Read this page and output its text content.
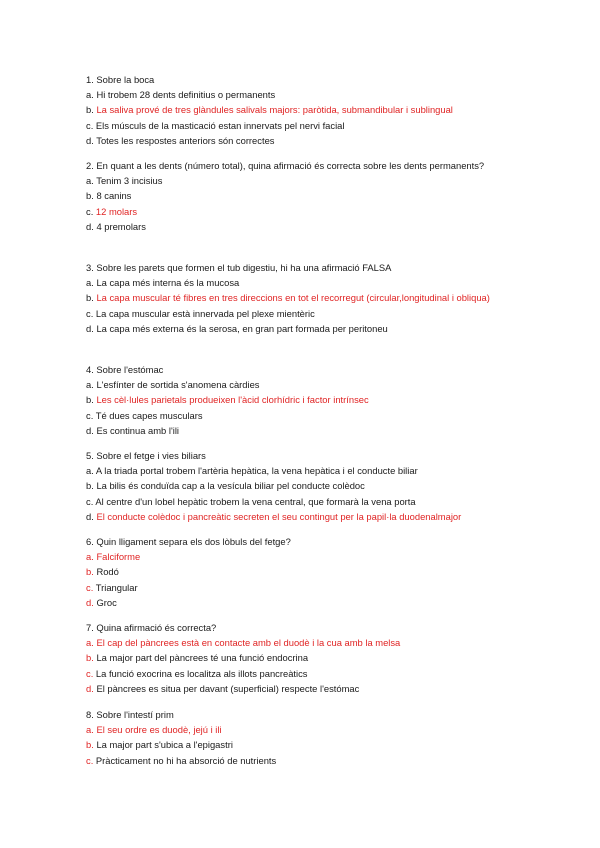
1. Sobre la boca

a. Hi trobem 28 dents definitius o permanents

b. La saliva prové de tres glàndules salivals majors: paròtida, submandibular i sublingual

c. Els músculs de la masticació estan innervats pel nervi facial

d. Totes les respostes anteriors són correctes

2. En quant a les dents (número total), quina afirmació és correcta sobre les dents permanents?

a. Tenim 3 incisius

b. 8 canins

c. 12 molars

d. 4 premolars

3. Sobre les parets que formen el tub digestiu, hi ha una afirmació FALSA

a. La capa més interna és la mucosa

b. La capa muscular té fibres en tres direccions en tot el recorregut (circular,longitudinal i obliqua)

c. La capa muscular està innervada pel plexe mientèric

d. La capa més externa és la serosa, en gran part formada per peritoneu

4. Sobre l'estómac

a. L'esfínter de sortida s'anomena càrdies

b. Les cèl·lules parietals produeixen l'àcid clorhídric i factor intrínsec

c. Té dues capes musculars

d. Es continua amb l'ili

5. Sobre el fetge i vies biliars

a. A la triada portal trobem l'artèria hepàtica, la vena hepàtica i el conducte biliar

b. La bilis és conduïda cap a la vesícula biliar pel conducte colèdoc

c. Al centre d'un lobel hepàtic trobem la vena central, que formarà la vena porta

d. El conducte colèdoc i pancreàtic secreten el seu contingut per la papil·la duodenalmajor

6. Quin lligament separa els dos lòbuls del fetge?

a. Falciforme

b. Rodó

c. Triangular

d. Groc

7. Quina afirmació és correcta?

a. El cap del pàncrees està en contacte amb el duodè i la cua amb la melsa

b. La major part del pàncrees té una funció endocrina

c. La funció exocrina es localitza als illots pancreàtics

d. El pàncrees es situa per davant (superficial) respecte l'estómac

8. Sobre l'intestí prim

a. El seu ordre es duodè, jejú i ili

b. La major part s'ubica a l'epigastri

c. Pràcticament no hi ha absorció de nutrients
